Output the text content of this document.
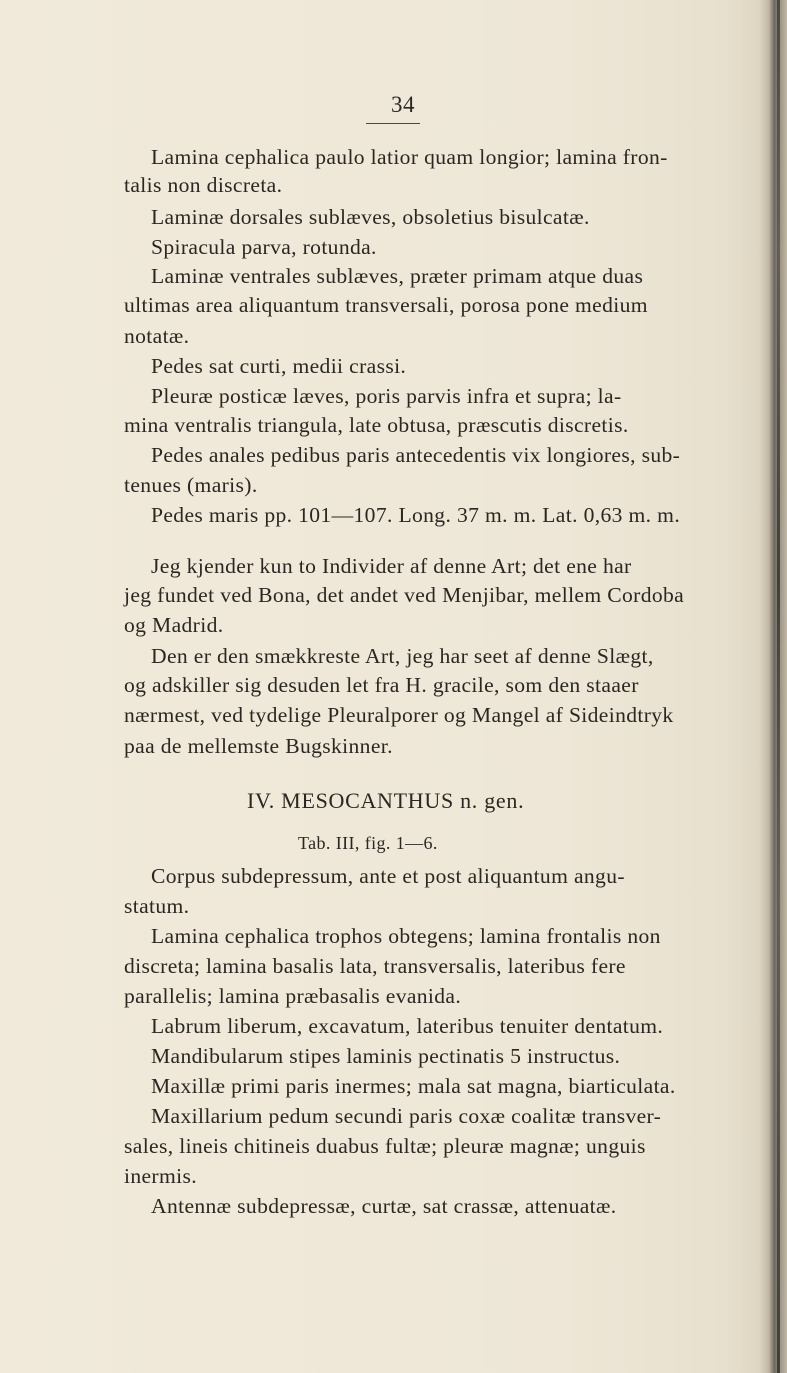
34

Lamina cephalica paulo latior quam longior; lamina fron-
talis non discreta.
Laminæ dorsales sublæves, obsoletius bisulcatæ.
Spiracula parva, rotunda.
Laminæ ventrales sublæves, præter primam atque duas
ultimas area aliquantum transversali, porosa pone medium
notatæ.
Pedes sat curti, medii crassi.
Pleuræ posticæ læves, poris parvis infra et supra; la-
mina ventralis triangula, late obtusa, præscutis discretis.
Pedes anales pedibus paris antecedentis vix longiores, sub-
tenues (maris).
Pedes maris pp. 101—107. Long. 37 m. m. Lat. 0,63 m. m.
Jeg kjender kun to Individer af denne Art; det ene har
jeg fundet ved Bona, det andet ved Menjibar, mellem Cordoba
og Madrid.
Den er den smækkreste Art, jeg har seet af denne Slægt,
og adskiller sig desuden let fra H. gracile, som den staaer
nærmest, ved tydelige Pleuralporer og Mangel af Sideindtryk
paa de mellemste Bugskinner.

IV. MESOCANTHUS n. gen.

Tab. III, fig. 1—6.

Corpus subdepressum, ante et post aliquantum angu-
statum.
Lamina cephalica trophos obtegens; lamina frontalis non
discreta; lamina basalis lata, transversalis, lateribus fere
parallelis; lamina præbasalis evanida.
Labrum liberum, excavatum, lateribus tenuiter dentatum.
Mandibularum stipes laminis pectinatis 5 instructus.
Maxillæ primi paris inermes; mala sat magna, biarticulata.
Maxillarium pedum secundi paris coxæ coalitæ transver-
sales, lineis chitineis duabus fultæ; pleuræ magnæ; unguis
inermis.
Antennæ subdepressæ, curtæ, sat crassæ, attenuatæ.
